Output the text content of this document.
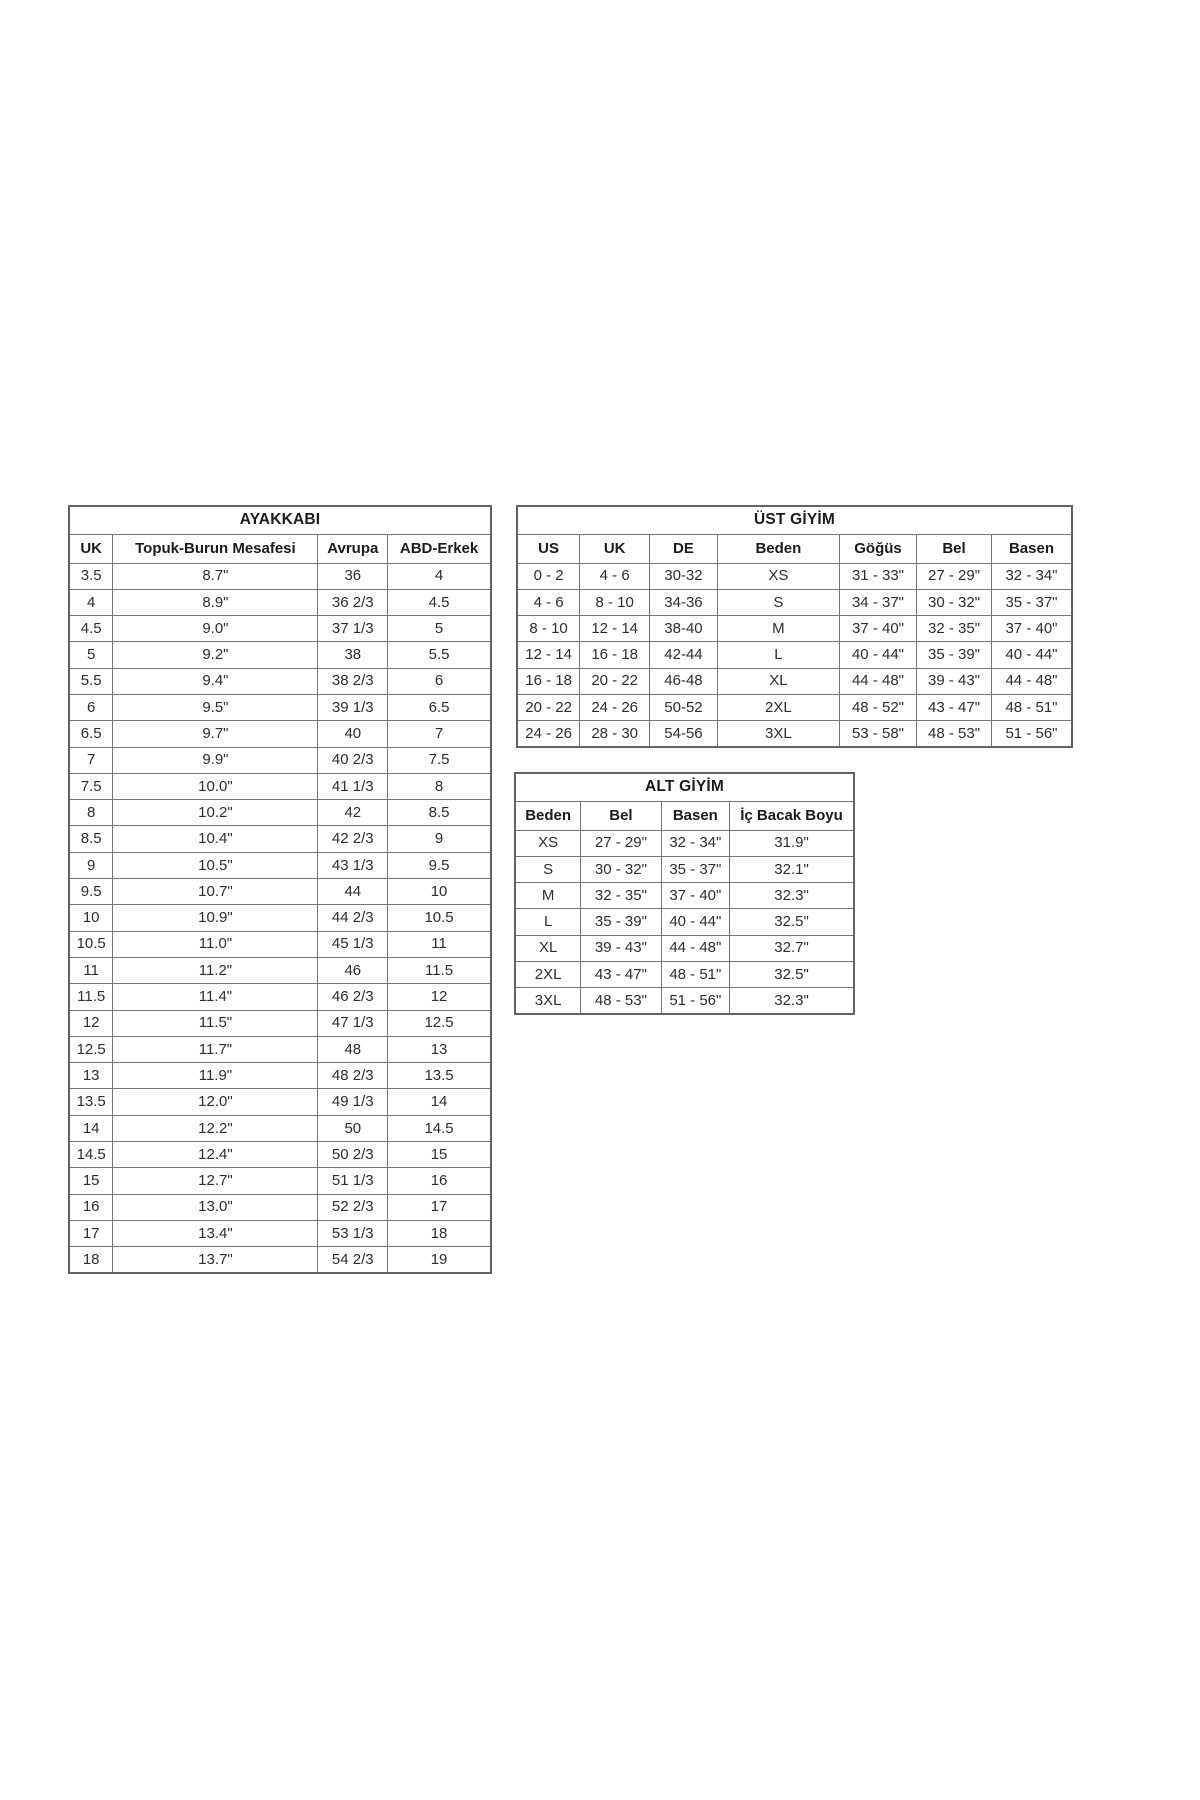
AYAKKABI			
UK	Topuk-Burun Mesafesi	Avrupa	ABD-Erkek
3.5	8.7"	36	4
4	8.9"	36 2/3	4.5
4.5	9.0"	37 1/3	5
5	9.2"	38	5.5
5.5	9.4"	38 2/3	6
6	9.5"	39 1/3	6.5
6.5	9.7"	40	7
7	9.9"	40 2/3	7.5
7.5	10.0"	41 1/3	8
8	10.2"	42	8.5
8.5	10.4"	42 2/3	9
9	10.5"	43 1/3	9.5
9.5	10.7"	44	10
10	10.9"	44 2/3	10.5
10.5	11.0"	45 1/3	11
11	11.2"	46	11.5
11.5	11.4"	46 2/3	12
12	11.5"	47 1/3	12.5
12.5	11.7"	48	13
13	11.9"	48 2/3	13.5
13.5	12.0"	49 1/3	14
14	12.2"	50	14.5
14.5	12.4"	50 2/3	15
15	12.7"	51 1/3	16
16	13.0"	52 2/3	17
17	13.4"	53 1/3	18
18	13.7"	54 2/3	19
ÜST GİYİM						
US	UK	DE	Beden	Göğüs	Bel	Basen
0 - 2	4 - 6	30-32	XS	31 - 33"	27 - 29"	32 - 34"
4 - 6	8 - 10	34-36	S	34 - 37"	30 - 32"	35 - 37"
8 - 10	12 - 14	38-40	M	37 - 40"	32 - 35"	37 - 40"
12 - 14	16 - 18	42-44	L	40 - 44"	35 - 39"	40 - 44"
16 - 18	20 - 22	46-48	XL	44 - 48"	39 - 43"	44 - 48"
20 - 22	24 - 26	50-52	2XL	48 - 52"	43 - 47"	48 - 51"
24 - 26	28 - 30	54-56	3XL	53 - 58"	48 - 53"	51 - 56"
ALT GİYİM			
Beden	Bel	Basen	İç Bacak Boyu
XS	27 - 29"	32 - 34"	31.9"
S	30 - 32"	35 - 37"	32.1"
M	32 - 35"	37 - 40"	32.3"
L	35 - 39"	40 - 44"	32.5"
XL	39 - 43"	44 - 48"	32.7"
2XL	43 - 47"	48 - 51"	32.5"
3XL	48 - 53"	51 - 56"	32.3"
